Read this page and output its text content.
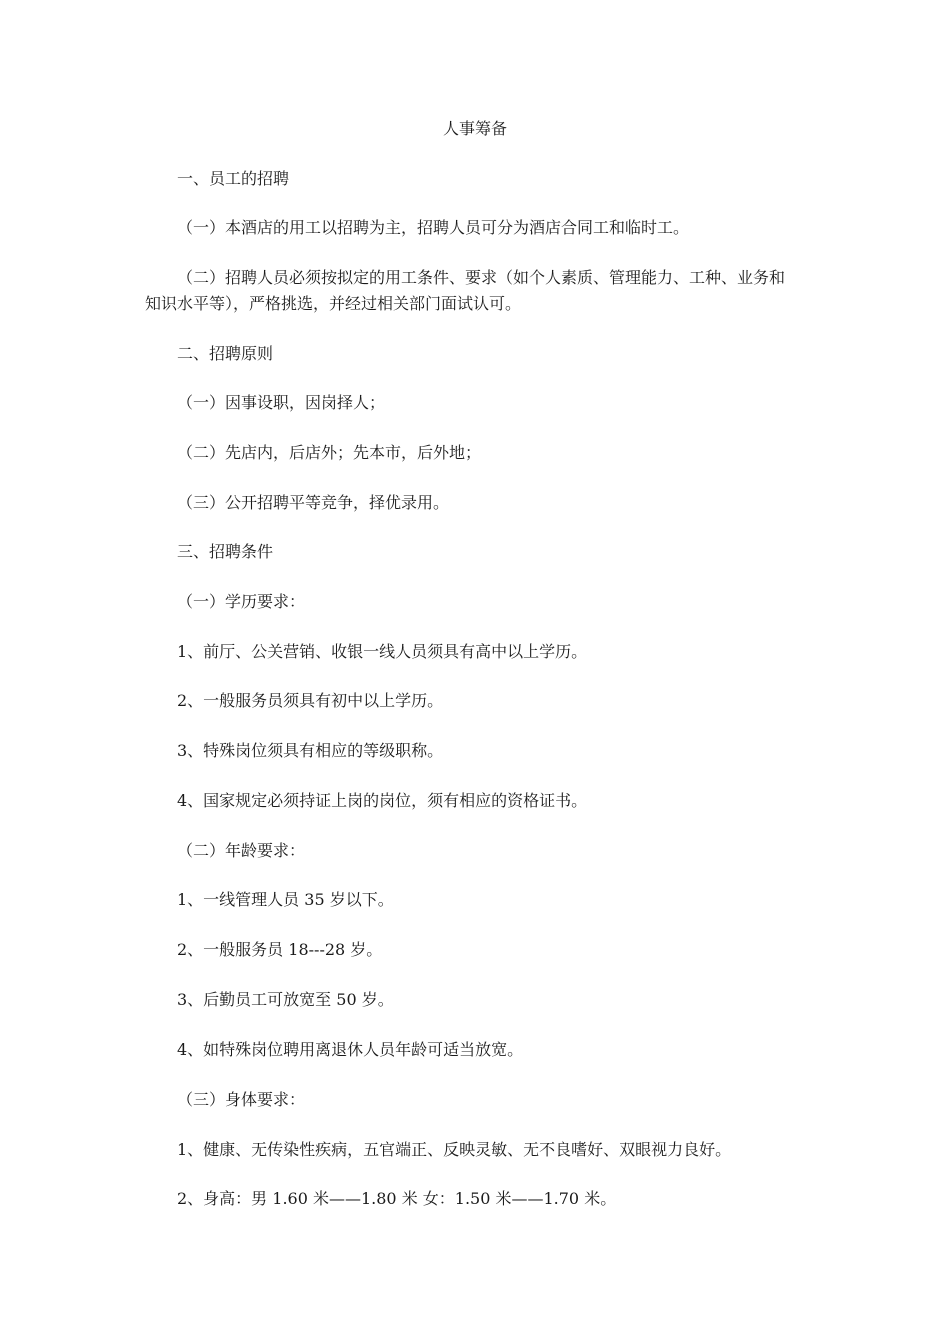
人事筹备
一、员工的招聘
（一）本酒店的用工以招聘为主，招聘人员可分为酒店合同工和临时工。
（二）招聘人员必须按拟定的用工条件、要求（如个人素质、管理能力、工种、业务和
知识水平等），严格挑选，并经过相关部门面试认可。
二、招聘原则
（一）因事设职，因岗择人；
（二）先店内，后店外；先本市，后外地；
（三）公开招聘平等竞争，择优录用。
三、招聘条件
（一）学历要求：
1、前厅、公关营销、收银一线人员须具有高中以上学历。
2、一般服务员须具有初中以上学历。
3、特殊岗位须具有相应的等级职称。
4、国家规定必须持证上岗的岗位，须有相应的资格证书。
（二）年龄要求：
1、一线管理人员 35 岁以下。
2、一般服务员 18---28 岁。
3、后勤员工可放宽至 50 岁。
4、如特殊岗位聘用离退休人员年龄可适当放宽。
（三）身体要求：
1、健康、无传染性疾病，五官端正、反映灵敏、无不良嗜好、双眼视力良好。
2、身高：男 1.60 米——1.80 米 女：1.50 米——1.70 米。
